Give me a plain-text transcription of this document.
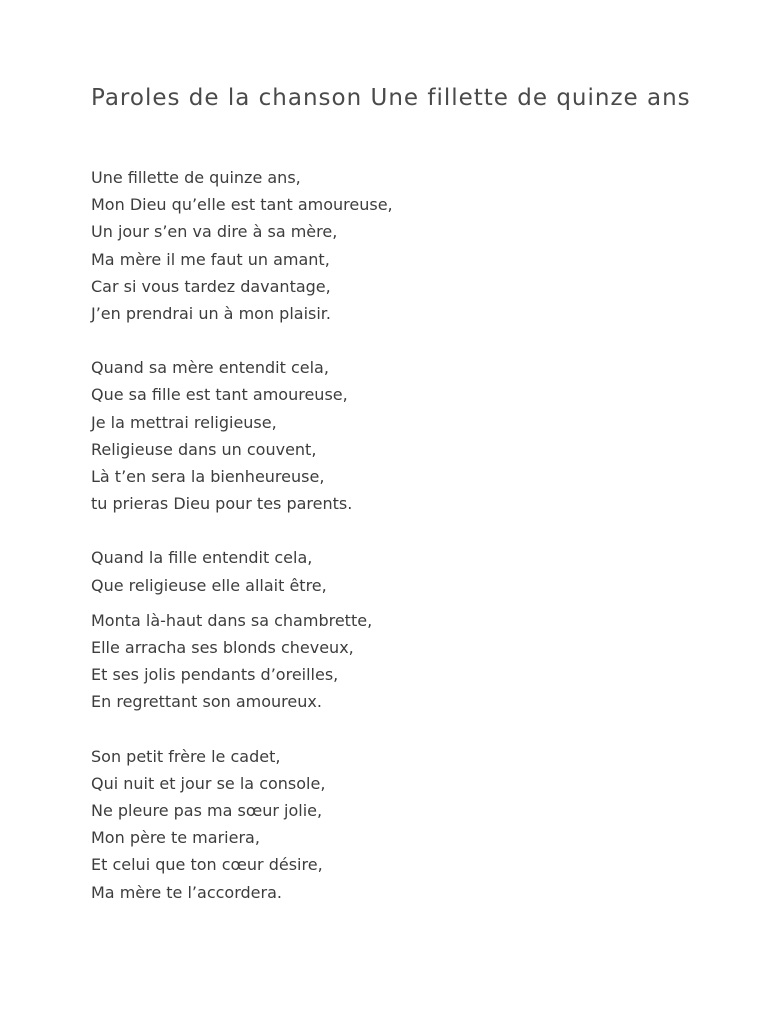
Paroles de la chanson Une fillette de quinze ans
Une fillette de quinze ans,
Mon Dieu qu’elle est tant amoureuse,
Un jour s’en va dire à sa mère,
Ma mère il me faut un amant,
Car si vous tardez davantage,
J’en prendrai un à mon plaisir.
Quand sa mère entendit cela,
Que sa fille est tant amoureuse,
Je la mettrai religieuse,
Religieuse dans un couvent,
Là t’en sera la bienheureuse,
tu prieras Dieu pour tes parents.
Quand la fille entendit cela,
Que religieuse elle allait être,
Monta là-haut dans sa chambrette,
Elle arracha ses blonds cheveux,
Et ses jolis pendants d’oreilles,
En regrettant son amoureux.
Son petit frère le cadet,
Qui nuit et jour se la console,
Ne pleure pas ma sœur jolie,
Mon père te mariera,
Et celui que ton cœur désire,
Ma mère te l’accordera.
